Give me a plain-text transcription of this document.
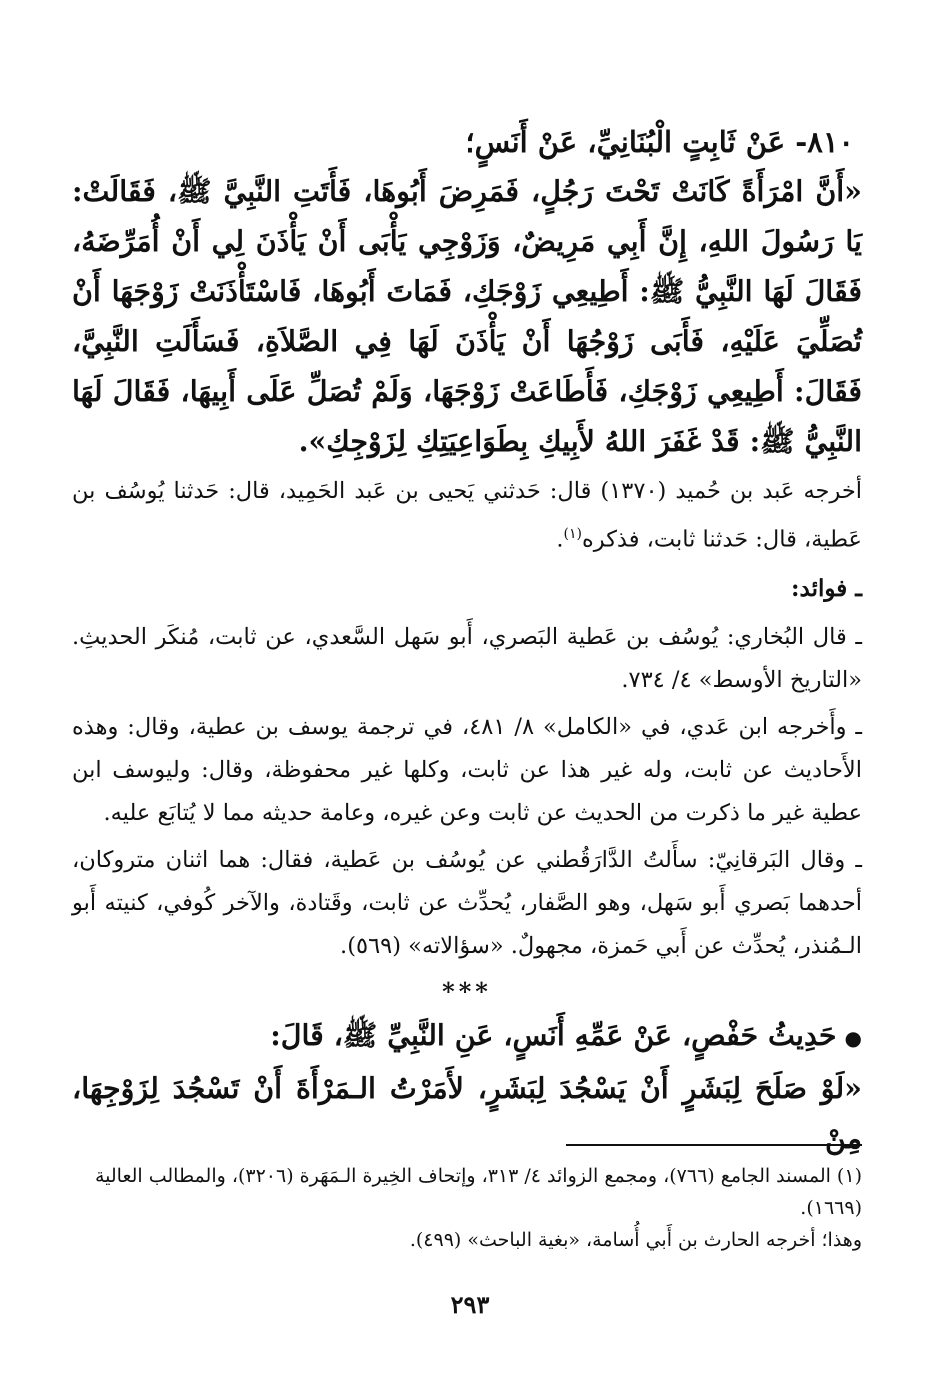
٨١٠- عَنْ ثَابِتٍ الْبُنَانِيِّ، عَنْ أَنَسٍ؛

«أَنَّ امْرَأَةً كَانَتْ تَحْتَ رَجُلٍ، فَمَرِضَ أَبُوهَا، فَأَتَتِ النَّبِيَّ ﷺ، فَقَالَتْ: يَا رَسُولَ اللهِ، إِنَّ أَبِي مَرِيضٌ، وَزَوْجِي يَأْبَى أَنْ يَأْذَنَ لِي أَنْ أُمَرِّضَهُ، فَقَالَ لَهَا النَّبِيُّ ﷺ: أَطِيعِي زَوْجَكِ، فَمَاتَ أَبُوهَا، فَاسْتَأْذَنَتْ زَوْجَهَا أَنْ تُصَلِّيَ عَلَيْهِ، فَأَبَى زَوْجُهَا أَنْ يَأْذَنَ لَهَا فِي الصَّلاَةِ، فَسَأَلَتِ النَّبِيَّ، فَقَالَ: أَطِيعِي زَوْجَكِ، فَأَطَاعَتْ زَوْجَهَا، وَلَمْ تُصَلِّ عَلَى أَبِيهَا، فَقَالَ لَهَا النَّبِيُّ ﷺ: قَدْ غَفَرَ اللهُ لأَبِيكِ بِطَوَاعِيَتِكِ لِزَوْجِكِ».

أخرجه عَبد بن حُميد (١٣٧٠) قال: حَدثني يَحيى بن عَبد الحَمِيد، قال: حَدثنا يُوسُف بن عَطية، قال: حَدثنا ثابت، فذكره$^{(١)}$.

ـ فوائد:

ـ قال البُخاري: يُوسُف بن عَطية البَصري، أَبو سَهل السَّعدي، عن ثابت، مُنكَر الحديثِ. «التاريخ الأوسط» ٤/ ٧٣٤.

ـ وأَخرجه ابن عَدي، في «الكامل» ٨/ ٤٨١، في ترجمة يوسف بن عطية، وقال: وهذه الأَحاديث عن ثابت، وله غير هذا عن ثابت، وكلها غير محفوظة، وقال: وليوسف ابن عطية غير ما ذكرت من الحديث عن ثابت وعن غيره، وعامة حديثه مما لا يُتابَع عليه.

ـ وقال البَرقانِيّ: سأَلتُ الدَّارَقُطني عن يُوسُف بن عَطية، فقال: هما اثنان متروكان، أحدهما بَصري أَبو سَهل، وهو الصَّفار، يُحدِّث عن ثابت، وقَتادة، والآخر كُوفي، كنيته أَبو الـمُنذر، يُحدِّث عن أَبي حَمزة، مجهولٌ. «سؤالاته» (٥٦٩).

***

●حَدِيثُ حَفْصٍ، عَنْ عَمِّهِ أَنَسٍ، عَنِ النَّبِيِّ ﷺ، قَالَ:

«لَوْ صَلَحَ لِبَشَرٍ أَنْ يَسْجُدَ لِبَشَرٍ، لأَمَرْتُ الـمَرْأَةَ أَنْ تَسْجُدَ لِزَوْجِهَا، مِنْ

(١) المسند الجامع (٧٦٦)، ومجمع الزوائد ٤/ ٣١٣، وإتحاف الخِيرة الـمَهَرة (٣٢٠٦)، والمطالب العالية (١٦٦٩).

وهذا؛ أخرجه الحارث بن أَبي أُسامة، «بغية الباحث» (٤٩٩).

٢٩٣
